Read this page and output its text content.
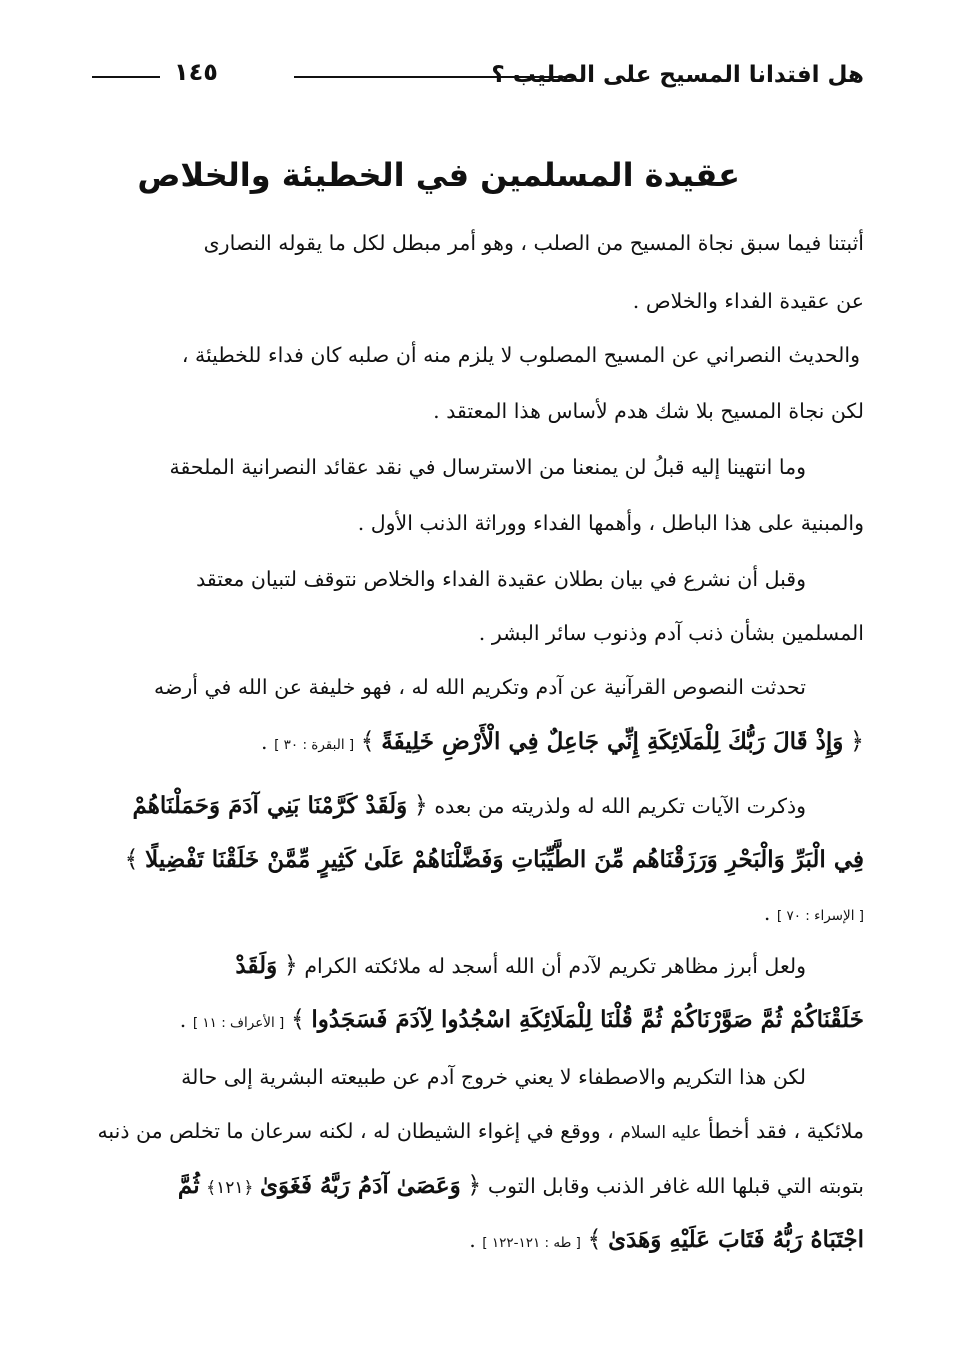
هل افتدانا المسيح على الصليب ؟
١٤٥
عقيدة المسلمين في الخطيئة والخلاص
أثبتنا فيما سبق نجاة المسيح من الصلب ، وهو أمر مبطل لكل ما يقوله النصارى
عن عقيدة الفداء والخلاص .
والحديث النصراني عن المسيح المصلوب لا يلزم منه أن صلبه كان فداء للخطيئة ،
لكن نجاة المسيح بلا شك هدم لأساس هذا المعتقد .
وما انتهينا إليه قبلُ لن يمنعنا من الاسترسال في نقد عقائد النصرانية الملحقة
والمبنية على هذا الباطل ، وأهمها الفداء ووراثة الذنب الأول .
وقبل أن نشرع في بيان بطلان عقيدة الفداء والخلاص نتوقف لتبيان معتقد
المسلمين بشأن ذنب آدم وذنوب سائر البشر .
تحدثت النصوص القرآنية عن آدم وتكريم الله له ، فهو خليفة عن الله في أرضه
﴿ وَإِذْ قَالَ رَبُّكَ لِلْمَلَائِكَةِ إِنِّي جَاعِلٌ فِي الْأَرْضِ خَلِيفَةً ﴾ [ البقرة : ٣٠ ] .
وذكرت الآيات تكريم الله له ولذريته من بعده ﴿ وَلَقَدْ كَرَّمْنَا بَنِي آدَمَ وَحَمَلْنَاهُمْ
فِي الْبَرِّ وَالْبَحْرِ وَرَزَقْنَاهُم مِّنَ الطَّيِّبَاتِ وَفَضَّلْنَاهُمْ عَلَىٰ كَثِيرٍ مِّمَّنْ خَلَقْنَا تَفْضِيلًا ﴾
[ الإسراء : ٧٠ ] .
ولعل أبرز مظاهر تكريم لآدم أن الله أسجد له ملائكته الكرام ﴿ وَلَقَدْ
خَلَقْنَاكُمْ ثُمَّ صَوَّرْنَاكُمْ ثُمَّ قُلْنَا لِلْمَلَائِكَةِ اسْجُدُوا لِآدَمَ فَسَجَدُوا ﴾ [ الأعراف : ١١ ] .
لكن هذا التكريم والاصطفاء لا يعني خروج آدم عن طبيعته البشرية إلى حالة
ملائكية ، فقد أخطأ عليه السلام ، ووقع في إغواء الشيطان له ، لكنه سرعان ما تخلص من ذنبه
بتوبته التي قبلها الله غافر الذنب وقابل التوب ﴿ وَعَصَىٰ آدَمُ رَبَّهُ فَغَوَىٰ ﴿١٢١﴾ ثُمَّ
اجْتَبَاهُ رَبُّهُ فَتَابَ عَلَيْهِ وَهَدَىٰ ﴾ [ طه : ١٢١-١٢٢ ] .
